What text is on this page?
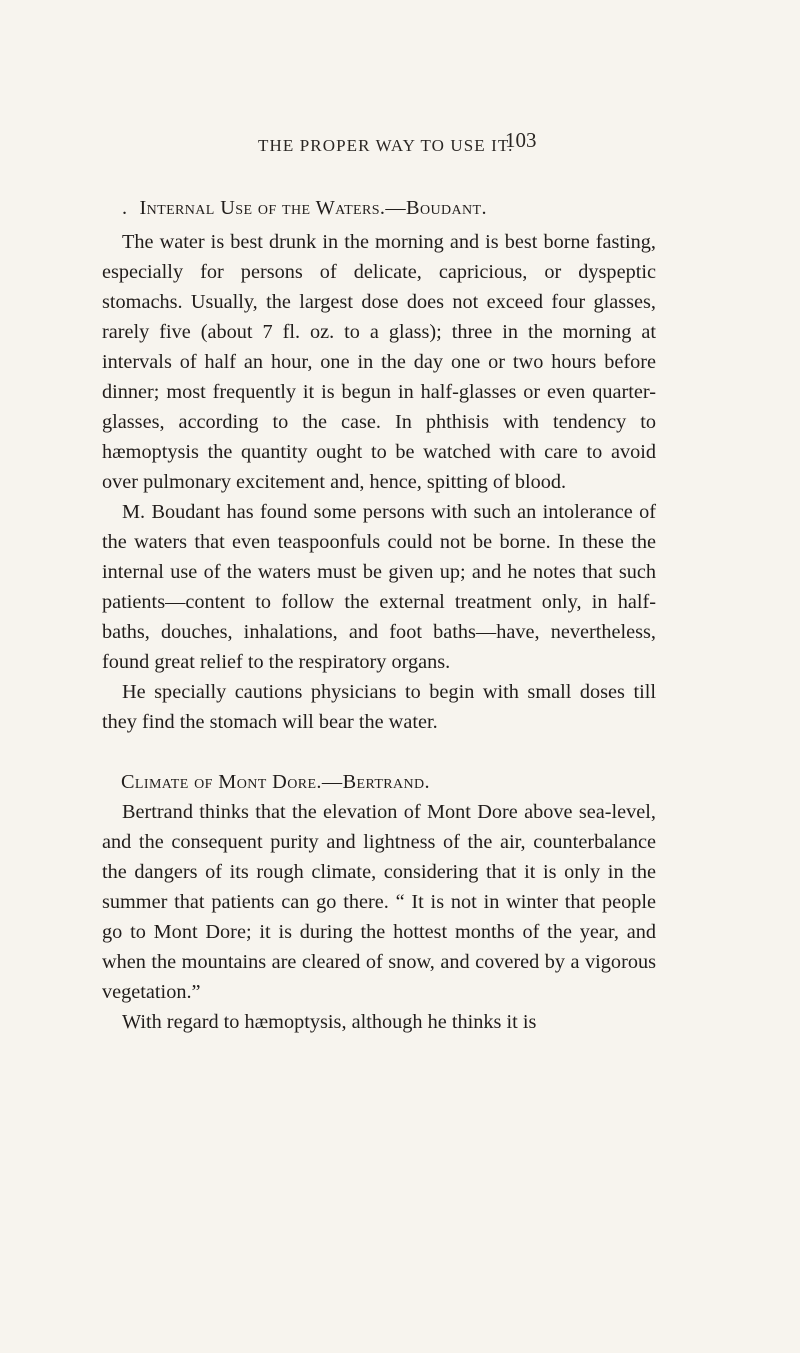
THE PROPER WAY TO USE IT.
103
. Internal Use of the Waters.—Boudant.

The water is best drunk in the morning and is best borne fasting, especially for persons of delicate, capricious, or dyspeptic stomachs. Usually, the largest dose does not exceed four glasses, rarely five (about 7 fl. oz. to a glass); three in the morning at intervals of half an hour, one in the day one or two hours before dinner; most frequently it is begun in half-glasses or even quarter-glasses, according to the case. In phthisis with tendency to hæmoptysis the quantity ought to be watched with care to avoid over pulmonary excitement and, hence, spitting of blood.

M. Boudant has found some persons with such an intolerance of the waters that even teaspoonfuls could not be borne. In these the internal use of the waters must be given up; and he notes that such patients—content to follow the external treatment only, in half-baths, douches, inhalations, and foot baths—have, nevertheless, found great relief to the respiratory organs.

He specially cautions physicians to begin with small doses till they find the stomach will bear the water.

Climate of Mont Dore.—Bertrand.

Bertrand thinks that the elevation of Mont Dore above sea-level, and the consequent purity and lightness of the air, counterbalance the dangers of its rough climate, considering that it is only in the summer that patients can go there. “ It is not in winter that people go to Mont Dore; it is during the hottest months of the year, and when the mountains are cleared of snow, and covered by a vigorous vegetation.”

With regard to hæmoptysis, although he thinks it is
